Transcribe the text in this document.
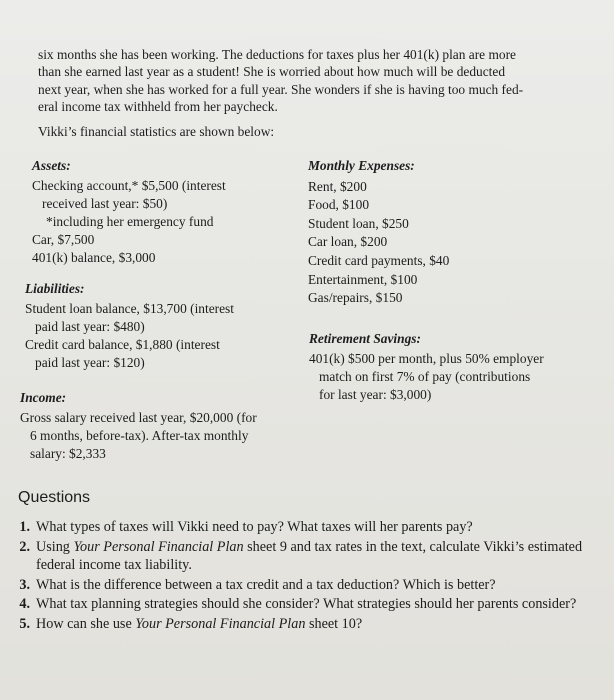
six months she has been working. The deductions for taxes plus her 401(k) plan are more

than she earned last year as a student! She is worried about how much will be deducted

next year, when she has worked for a full year. She wonders if she is having too much fed-

eral income tax withheld from her paycheck.

Vikki’s financial statistics are shown below:
Assets:
Checking account,* $5,500 (interest
received last year: $50)
*including her emergency fund
Car, $7,500
401(k) balance, $3,000
Liabilities:
Student loan balance, $13,700 (interest
paid last year: $480)
Credit card balance, $1,880 (interest
paid last year: $120)
Income:
Gross salary received last year, $20,000 (for
6 months, before-tax). After-tax monthly
salary: $2,333
Monthly Expenses:
Rent, $200
Food, $100
Student loan, $250
Car loan, $200
Credit card payments, $40
Entertainment, $100
Gas/repairs, $150
Retirement Savings:
401(k) $500 per month, plus 50% employer
match on first 7% of pay (contributions
for last year: $3,000)
Questions
1. What types of taxes will Vikki need to pay? What taxes will her parents pay?
2. Using Your Personal Financial Plan sheet 9 and tax rates in the text, calculate Vikki’s estimated federal income tax liability.
3. What is the difference between a tax credit and a tax deduction? Which is better?
4. What tax planning strategies should she consider? What strategies should her parents consider?
5. How can she use Your Personal Financial Plan sheet 10?
